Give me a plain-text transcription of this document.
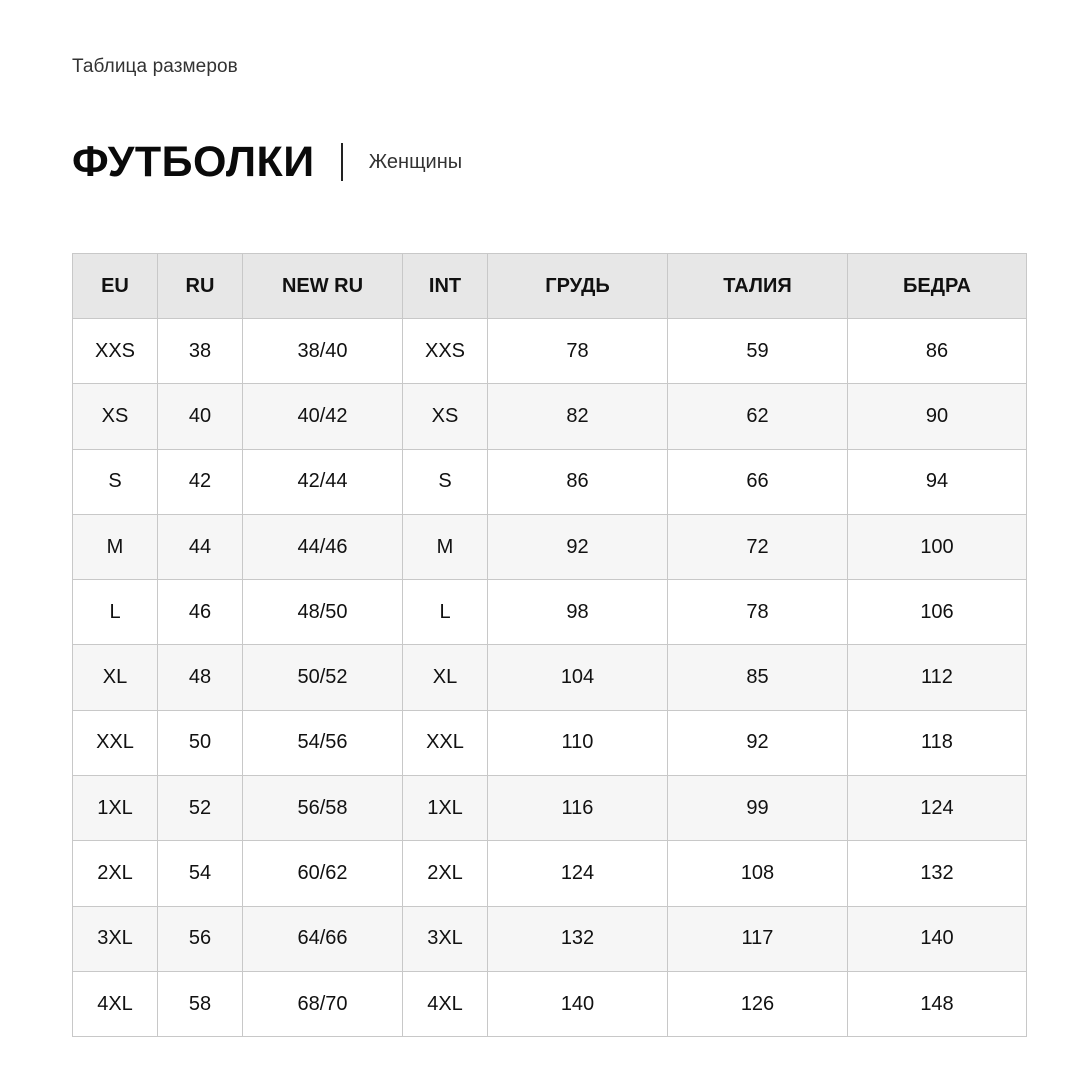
Таблица размеров
ФУТБОЛКИ	Женщины
EU	RU	NEW RU	INT	ГРУДЬ	ТАЛИЯ	БЕДРА
XXS	38	38/40	XXS	78	59	86
XS	40	40/42	XS	82	62	90
S	42	42/44	S	86	66	94
M	44	44/46	M	92	72	100
L	46	48/50	L	98	78	106
XL	48	50/52	XL	104	85	112
XXL	50	54/56	XXL	110	92	118
1XL	52	56/58	1XL	116	99	124
2XL	54	60/62	2XL	124	108	132
3XL	56	64/66	3XL	132	117	140
4XL	58	68/70	4XL	140	126	148
